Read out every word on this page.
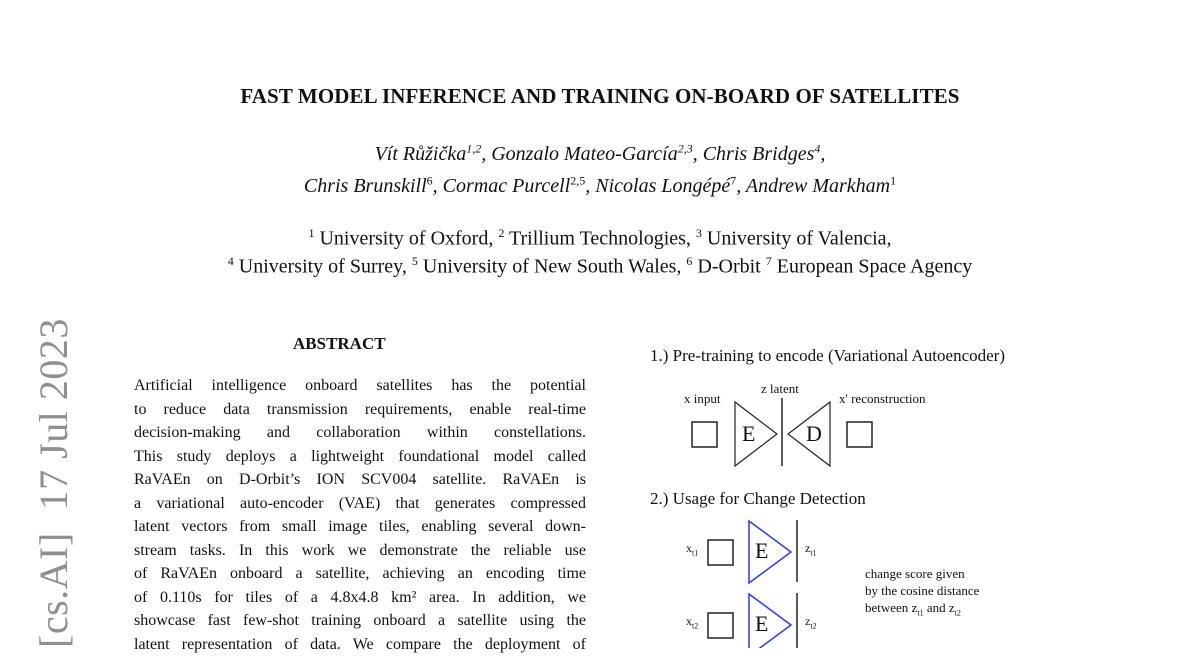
[cs.AI]17 Jul 2023
FAST MODEL INFERENCE AND TRAINING ON-BOARD OF SATELLITES
Vít Růžička$^{1,2}$, Gonzalo Mateo-García$^{2,3}$, Chris Bridges$^4$,
Chris Brunskill$^6$, Cormac Purcell$^{2,5}$, Nicolas Longépé$^7$, Andrew Markham$^1$
$^1$ University of Oxford, $^2$ Trillium Technologies, $^3$ University of Valencia,
$^4$ University of Surrey, $^5$ University of New South Wales, $^6$ D-Orbit $^7$ European Space Agency
ABSTRACT
Artificial intelligence onboard satellites has the potential
to reduce data transmission requirements, enable real-time
decision-making and collaboration within constellations.
This study deploys a lightweight foundational model called
RaVAEn on D-Orbit’s ION SCV004 satellite. RaVAEn is
a variational auto-encoder (VAE) that generates compressed
latent vectors from small image tiles, enabling several down-
stream tasks. In this work we demonstrate the reliable use
of RaVAEn onboard a satellite, achieving an encoding time
of 0.110s for tiles of a 4.8x4.8 km² area. In addition, we
showcase fast few-shot training onboard a satellite using the
latent representation of data. We compare the deployment of
1.) Pre-training to encode (Variational Autoencoder)
x input
z latent
x' reconstruction
E D
2.) Usage for Change Detection
$x_{t1}$	E	$z_{t1}$
$x_{t2}$	E	$z_{t2}$
change score given
by the cosine distance
between $z_{t1}$ and $z_{t2}$
